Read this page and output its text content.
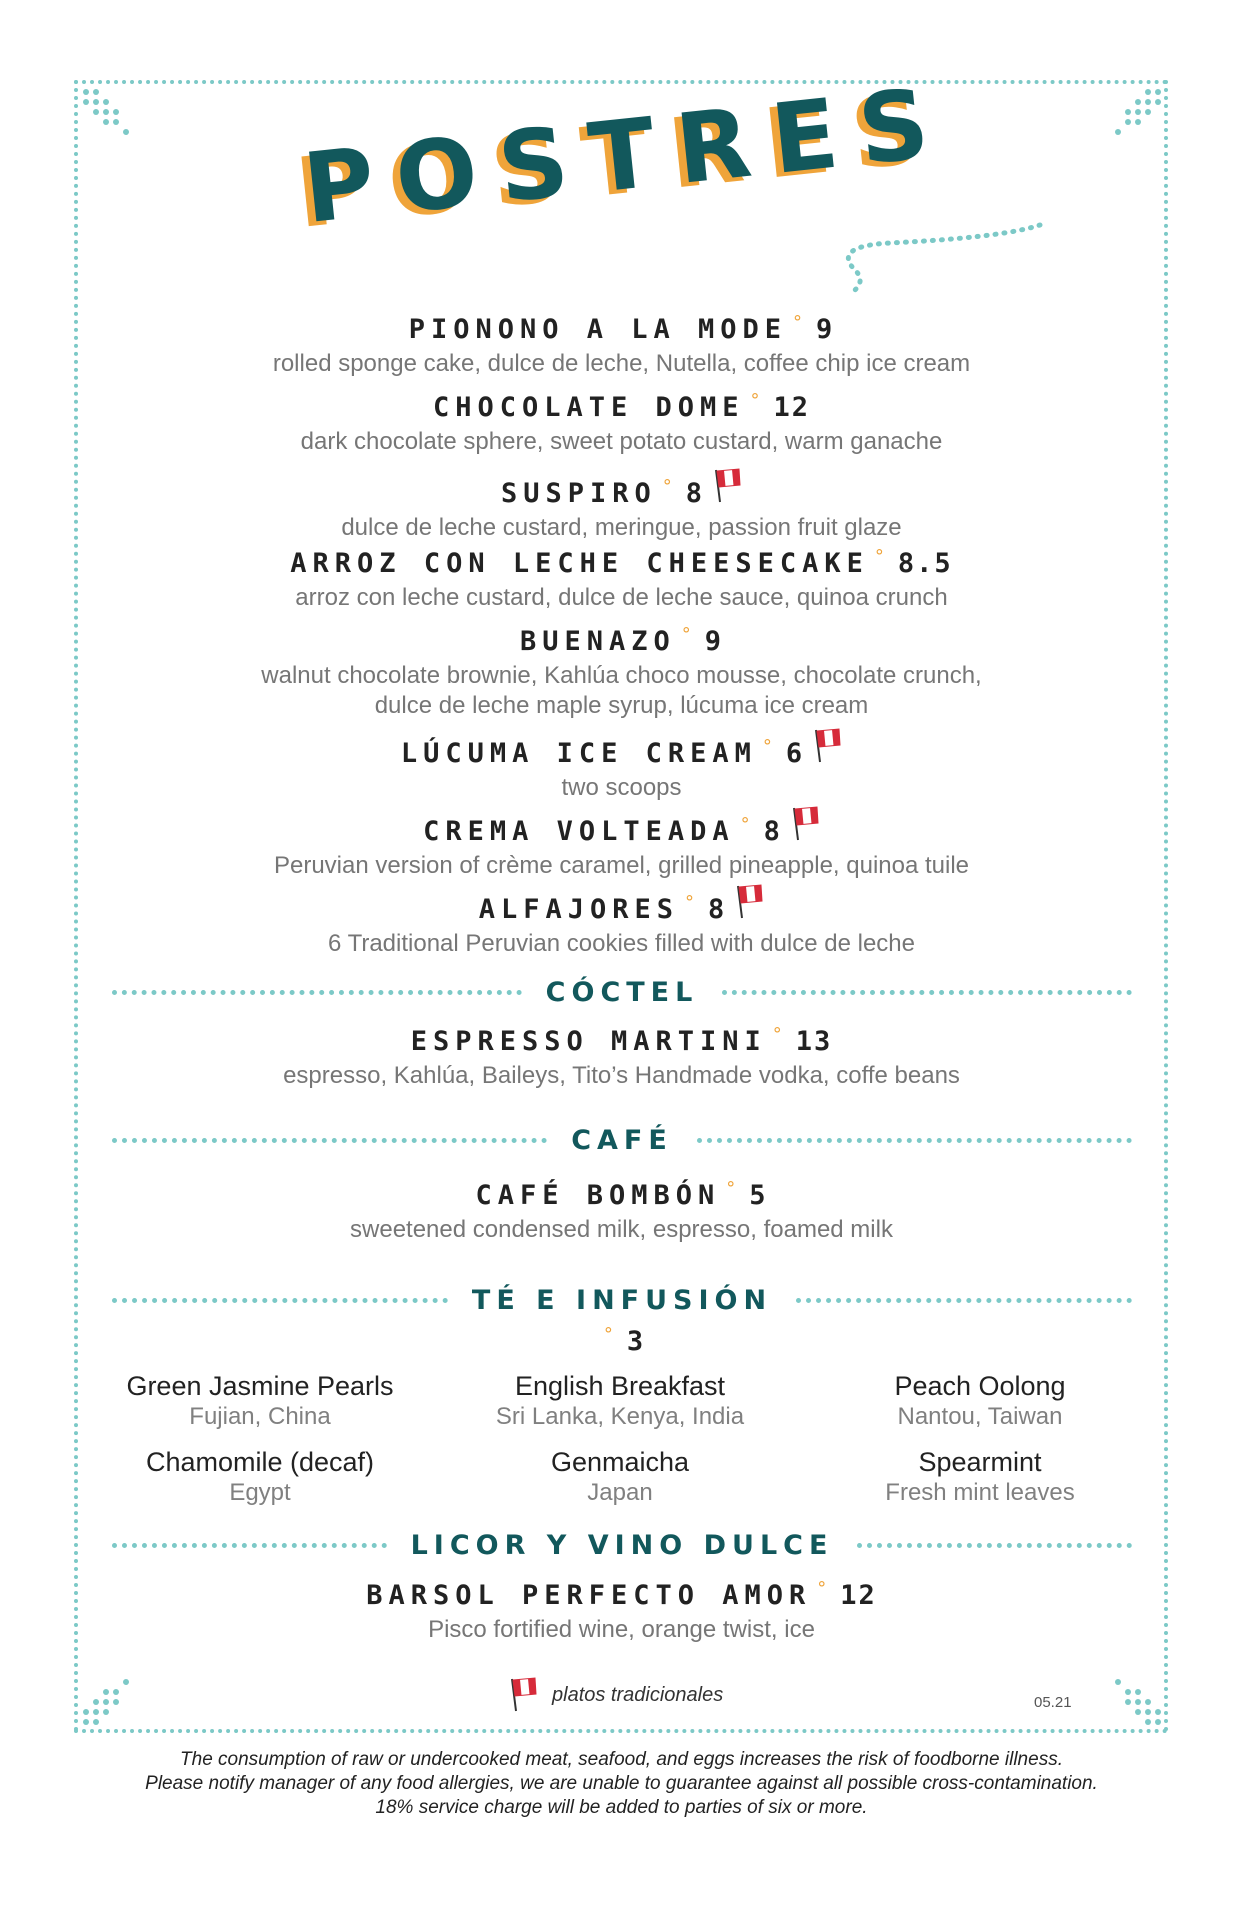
POSTRES
PIONONO A LA MODE ° 9
rolled sponge cake, dulce de leche, Nutella, coffee chip ice cream
CHOCOLATE DOME ° 12
dark chocolate sphere, sweet potato custard, warm ganache
SUSPIRO ° 8
dulce de leche custard, meringue, passion fruit glaze
ARROZ CON LECHE CHEESECAKE ° 8.5
arroz con leche custard, dulce de leche sauce, quinoa crunch
BUENAZO ° 9
walnut chocolate brownie, Kahlúa choco mousse, chocolate crunch,
dulce de leche maple syrup, lúcuma ice cream
LÚCUMA ICE CREAM ° 6
two scoops
CREMA VOLTEADA ° 8
Peruvian version of crème caramel, grilled pineapple, quinoa tuile
ALFAJORES ° 8
6 Traditional Peruvian cookies filled with dulce de leche
CÓCTEL
ESPRESSO MARTINI ° 13
espresso, Kahlúa, Baileys, Tito’s Handmade vodka, coffe beans
CAFÉ
CAFÉ BOMBÓN ° 5
sweetened condensed milk, espresso, foamed milk
TÉ E INFUSIÓN
° 3
Green Jasmine Pearls
Fujian, China
English Breakfast
Sri Lanka, Kenya, India
Peach Oolong
Nantou, Taiwan
Chamomile (decaf)
Egypt
Genmaicha
Japan
Spearmint
Fresh mint leaves
LICOR Y VINO DULCE
BARSOL PERFECTO AMOR ° 12
Pisco fortified wine, orange twist, ice
platos tradicionales	05.21
The consumption of raw or undercooked meat, seafood, and eggs increases the risk of foodborne illness.
Please notify manager of any food allergies, we are unable to guarantee against all possible cross-contamination.
18% service charge will be added to parties of six or more.
